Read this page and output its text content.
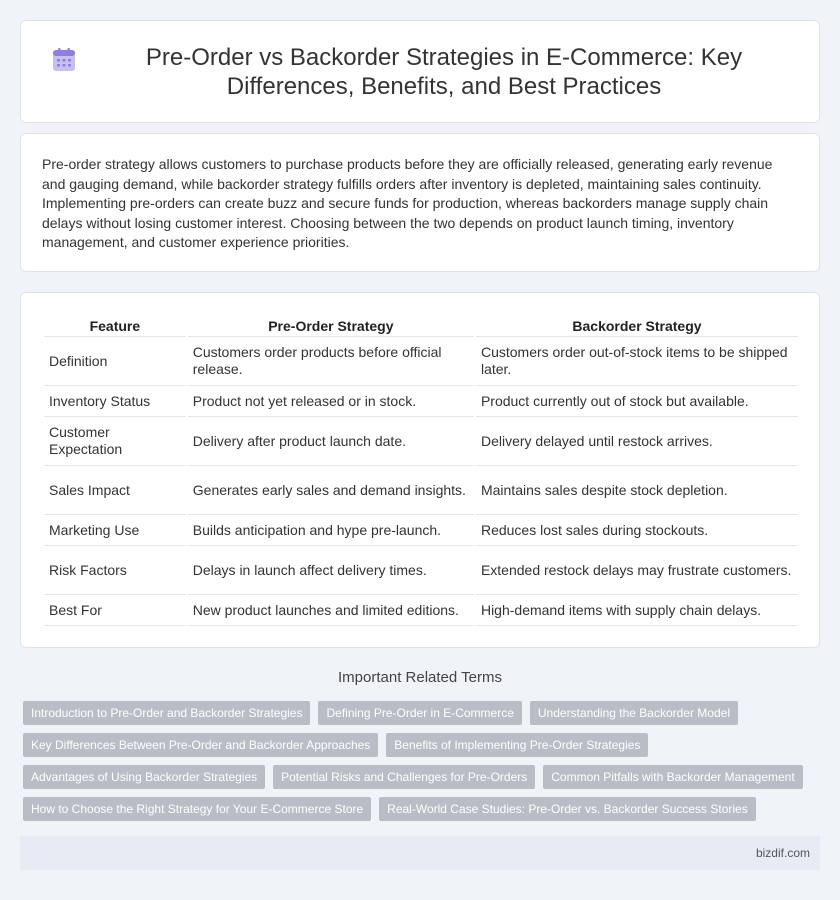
Pre-Order vs Backorder Strategies in E-Commerce: Key Differences, Benefits, and Best Practices

Pre-order strategy allows customers to purchase products before they are officially released, generating early revenue and gauging demand, while backorder strategy fulfills orders after inventory is depleted, maintaining sales continuity. Implementing pre-orders can create buzz and secure funds for production, whereas backorders manage supply chain delays without losing customer interest. Choosing between the two depends on product launch timing, inventory management, and customer experience priorities.

Feature	Pre-Order Strategy	Backorder Strategy
Definition	Customers order products before official release.	Customers order out-of-stock items to be shipped later.
Inventory Status	Product not yet released or in stock.	Product currently out of stock but available.
Customer Expectation	Delivery after product launch date.	Delivery delayed until restock arrives.
Sales Impact	Generates early sales and demand insights.	Maintains sales despite stock depletion.
Marketing Use	Builds anticipation and hype pre-launch.	Reduces lost sales during stockouts.
Risk Factors	Delays in launch affect delivery times.	Extended restock delays may frustrate customers.
Best For	New product launches and limited editions.	High-demand items with supply chain delays.
Important Related Terms
Introduction to Pre-Order and Backorder Strategies	Defining Pre-Order in E-Commerce	Understanding the Backorder Model
Key Differences Between Pre-Order and Backorder Approaches	Benefits of Implementing Pre-Order Strategies
Advantages of Using Backorder Strategies	Potential Risks and Challenges for Pre-Orders	Common Pitfalls with Backorder Management
How to Choose the Right Strategy for Your E-Commerce Store	Real-World Case Studies: Pre-Order vs. Backorder Success Stories
bizdif.com
